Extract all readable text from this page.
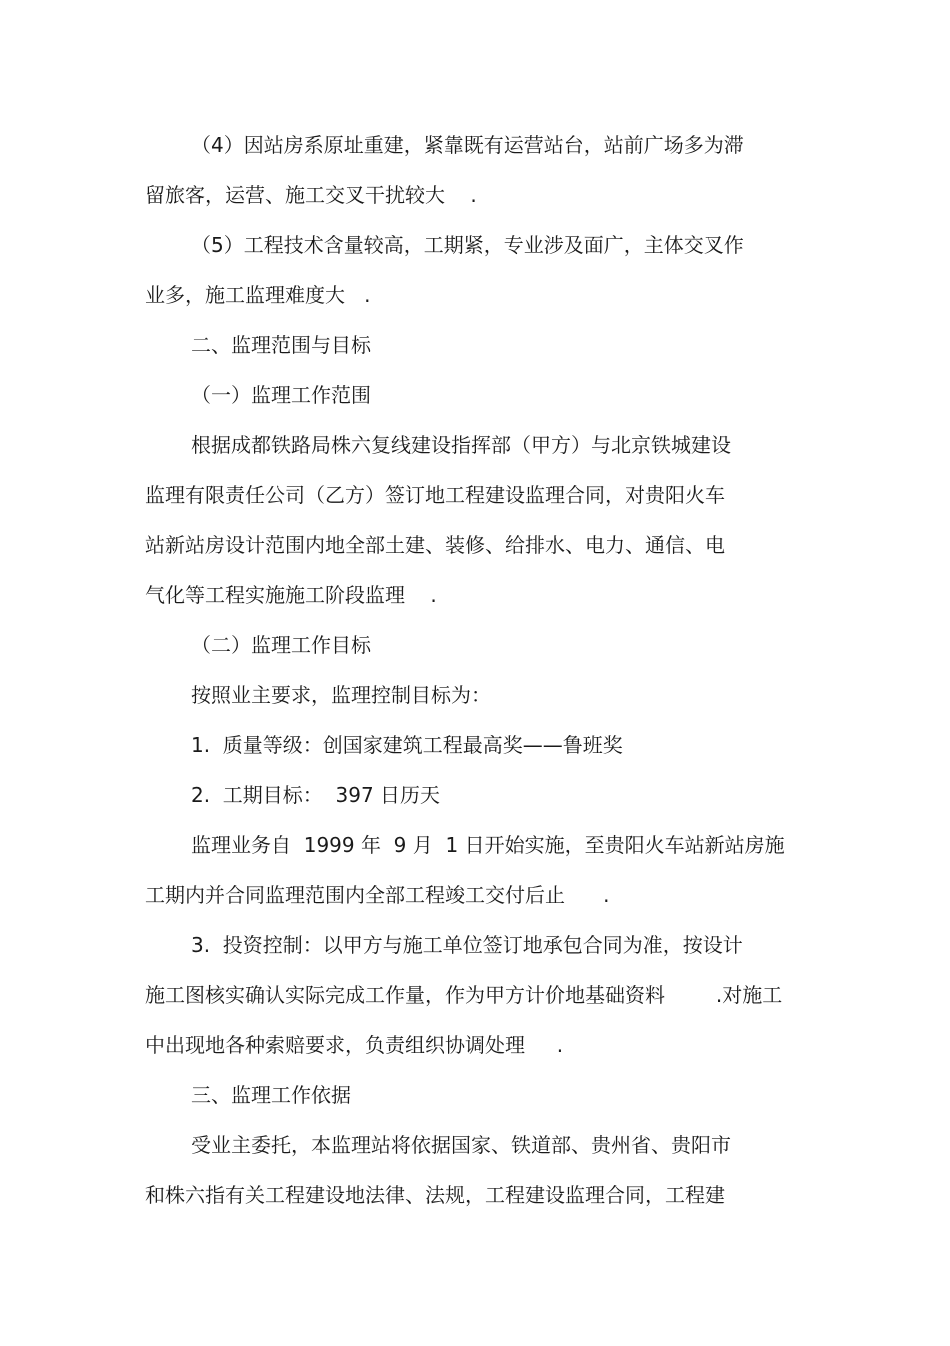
（4）因站房系原址重建，紧靠既有运营站台，站前广场多为滞
留旅客，运营、施工交叉干扰较大    .
（5）工程技术含量较高，工期紧，专业涉及面广，主体交叉作
业多，施工监理难度大   .
二、监理范围与目标
（一）监理工作范围
根据成都铁路局株六复线建设指挥部（甲方）与北京铁城建设
监理有限责任公司（乙方）签订地工程建设监理合同，对贵阳火车
站新站房设计范围内地全部土建、装修、给排水、电力、通信、电
气化等工程实施施工阶段监理    .
（二）监理工作目标
按照业主要求，监理控制目标为：
1.  质量等级：创国家建筑工程最高奖——鲁班奖
2.  工期目标：  397 日历天
监理业务自  1999 年  9 月  1 日开始实施，至贵阳火车站新站房施
工期内并合同监理范围内全部工程竣工交付后止      .
3.  投资控制：以甲方与施工单位签订地承包合同为准，按设计
施工图核实确认实际完成工作量，作为甲方计价地基础资料        .对施工
中出现地各种索赔要求，负责组织协调处理     .
三、监理工作依据
受业主委托，本监理站将依据国家、铁道部、贵州省、贵阳市
和株六指有关工程建设地法律、法规，工程建设监理合同，工程建
